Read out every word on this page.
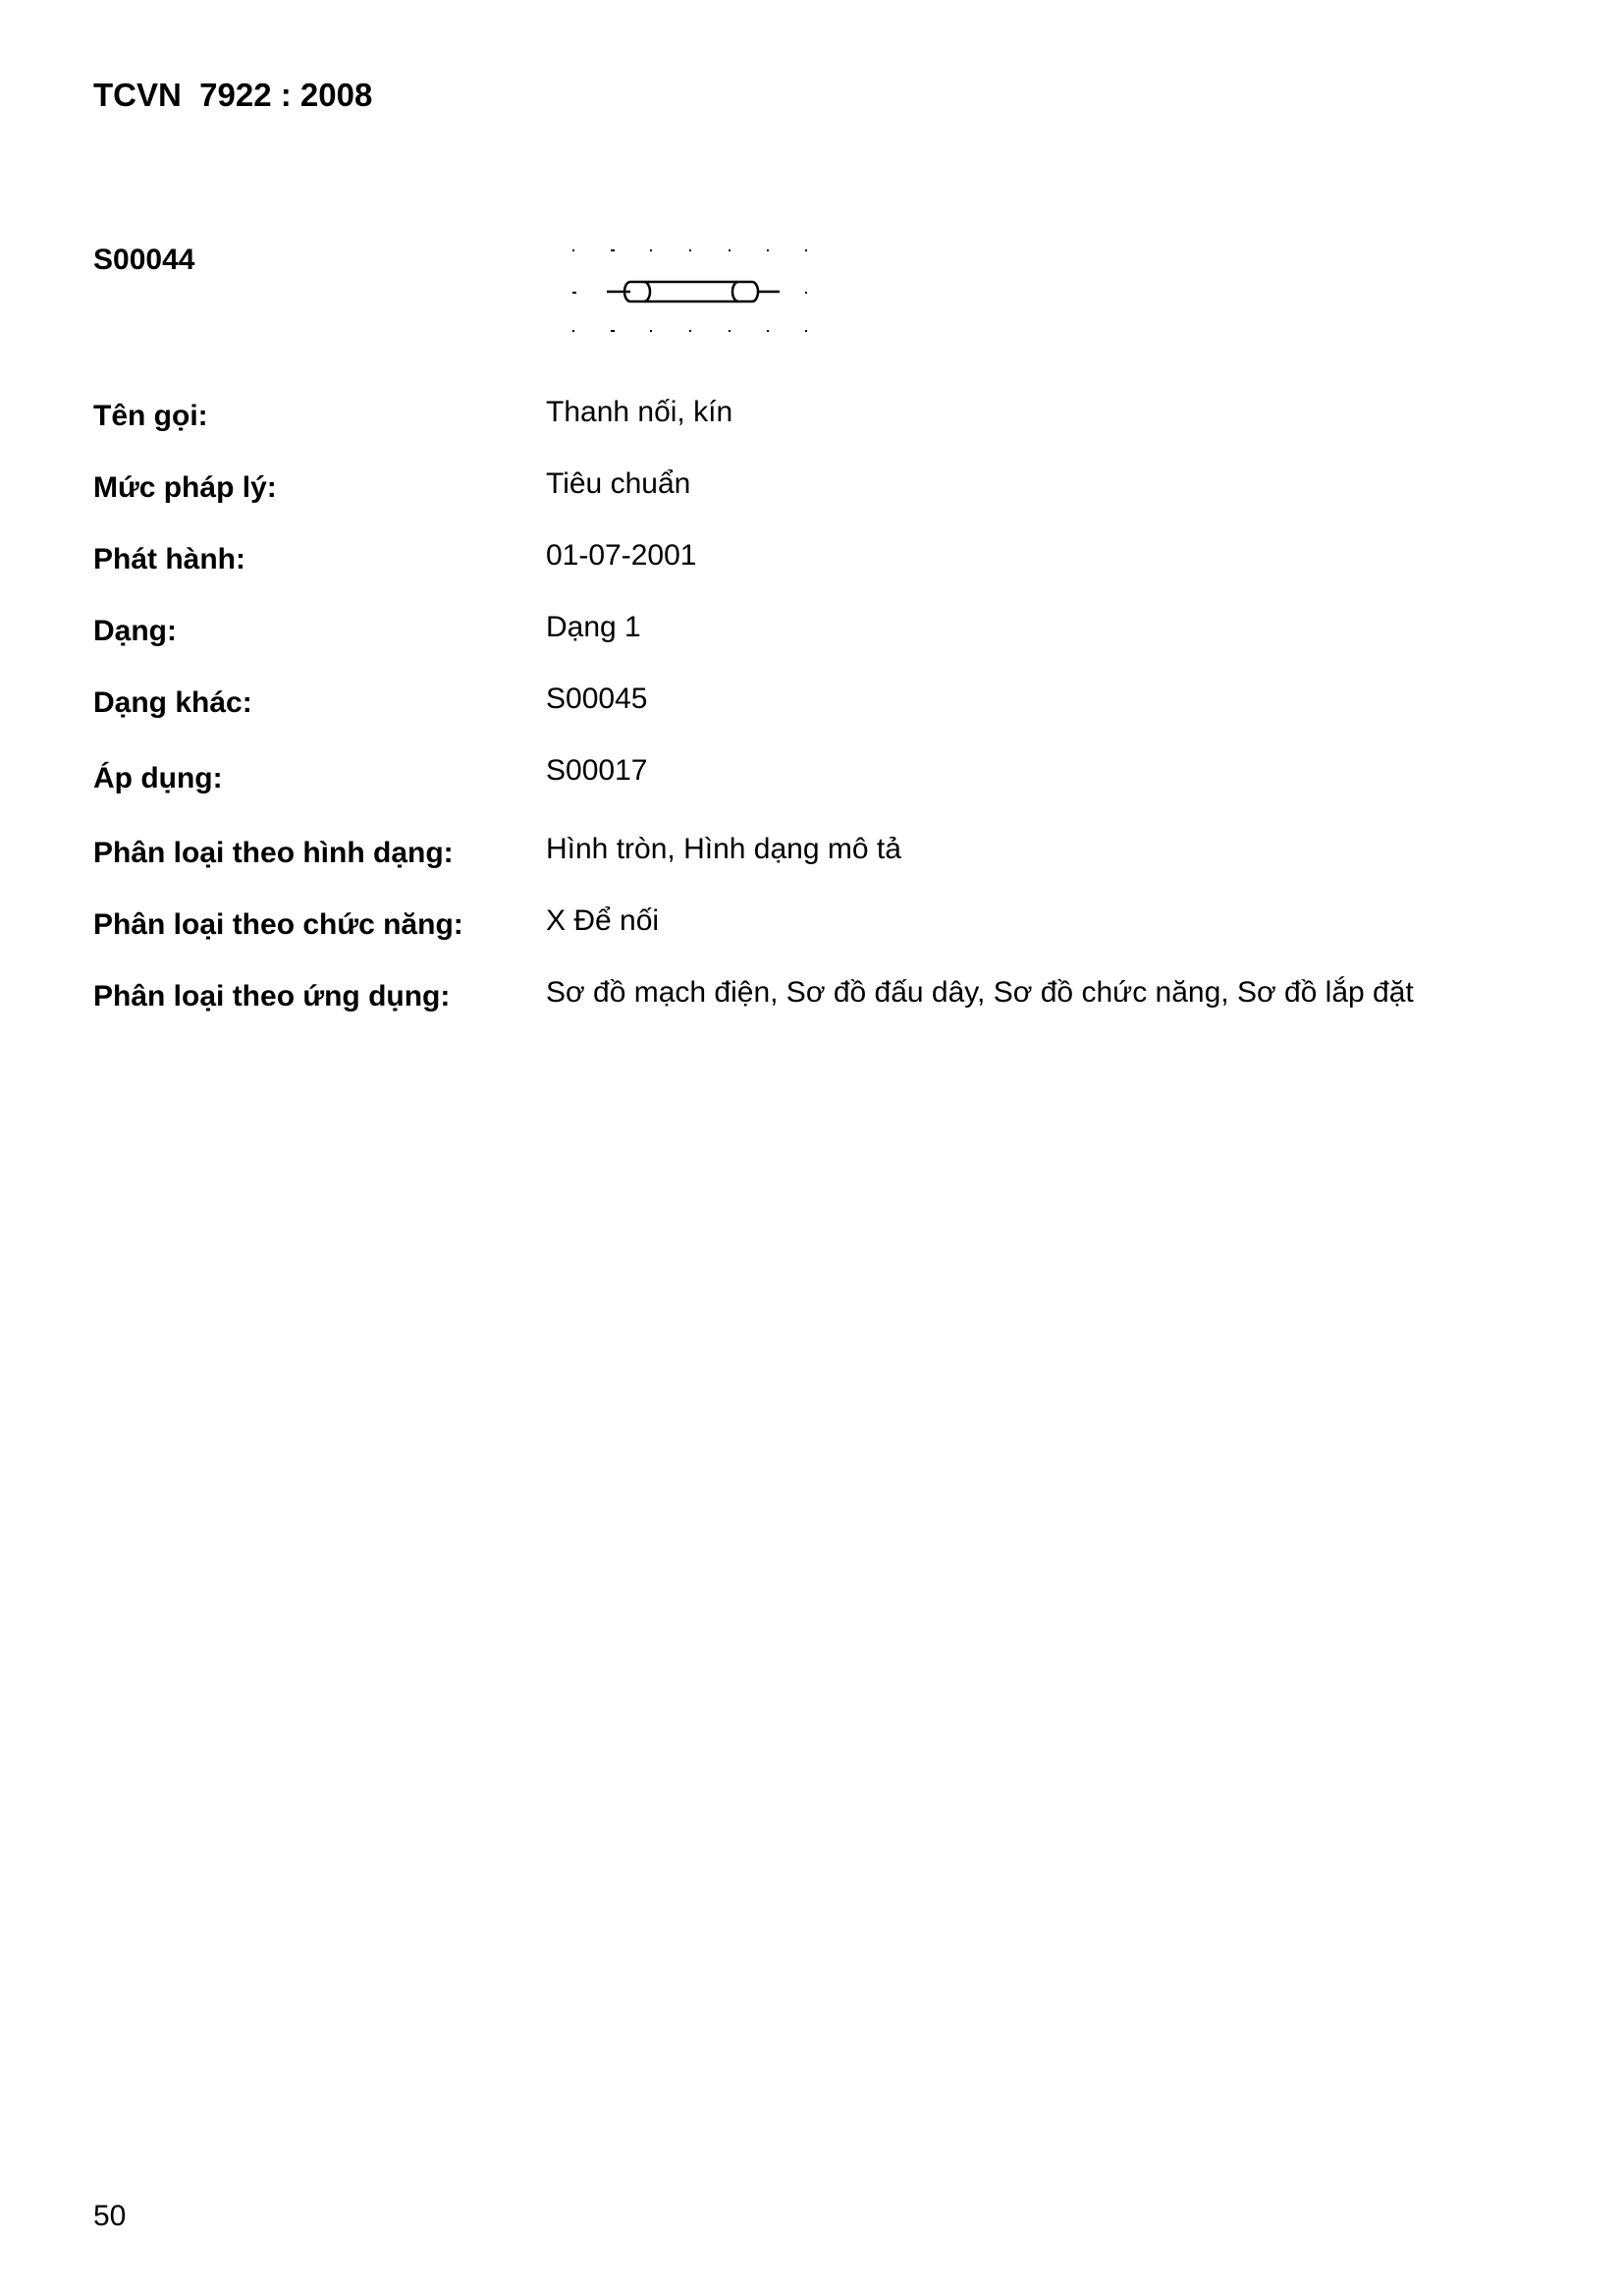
TCVN  7922 : 2008
S00044
Tên gọi:	Thanh nối, kín
Mức pháp lý:	Tiêu chuẩn
Phát hành:	01-07-2001
Dạng:	Dạng 1
Dạng khác:	S00045
Áp dụng:	S00017
Phân loại theo hình dạng:	Hình tròn, Hình dạng mô tả
Phân loại theo chức năng:	X Để nối
Phân loại theo ứng dụng:	Sơ đồ mạch điện, Sơ đồ đấu dây, Sơ đồ chức năng, Sơ đồ lắp đặt
50
